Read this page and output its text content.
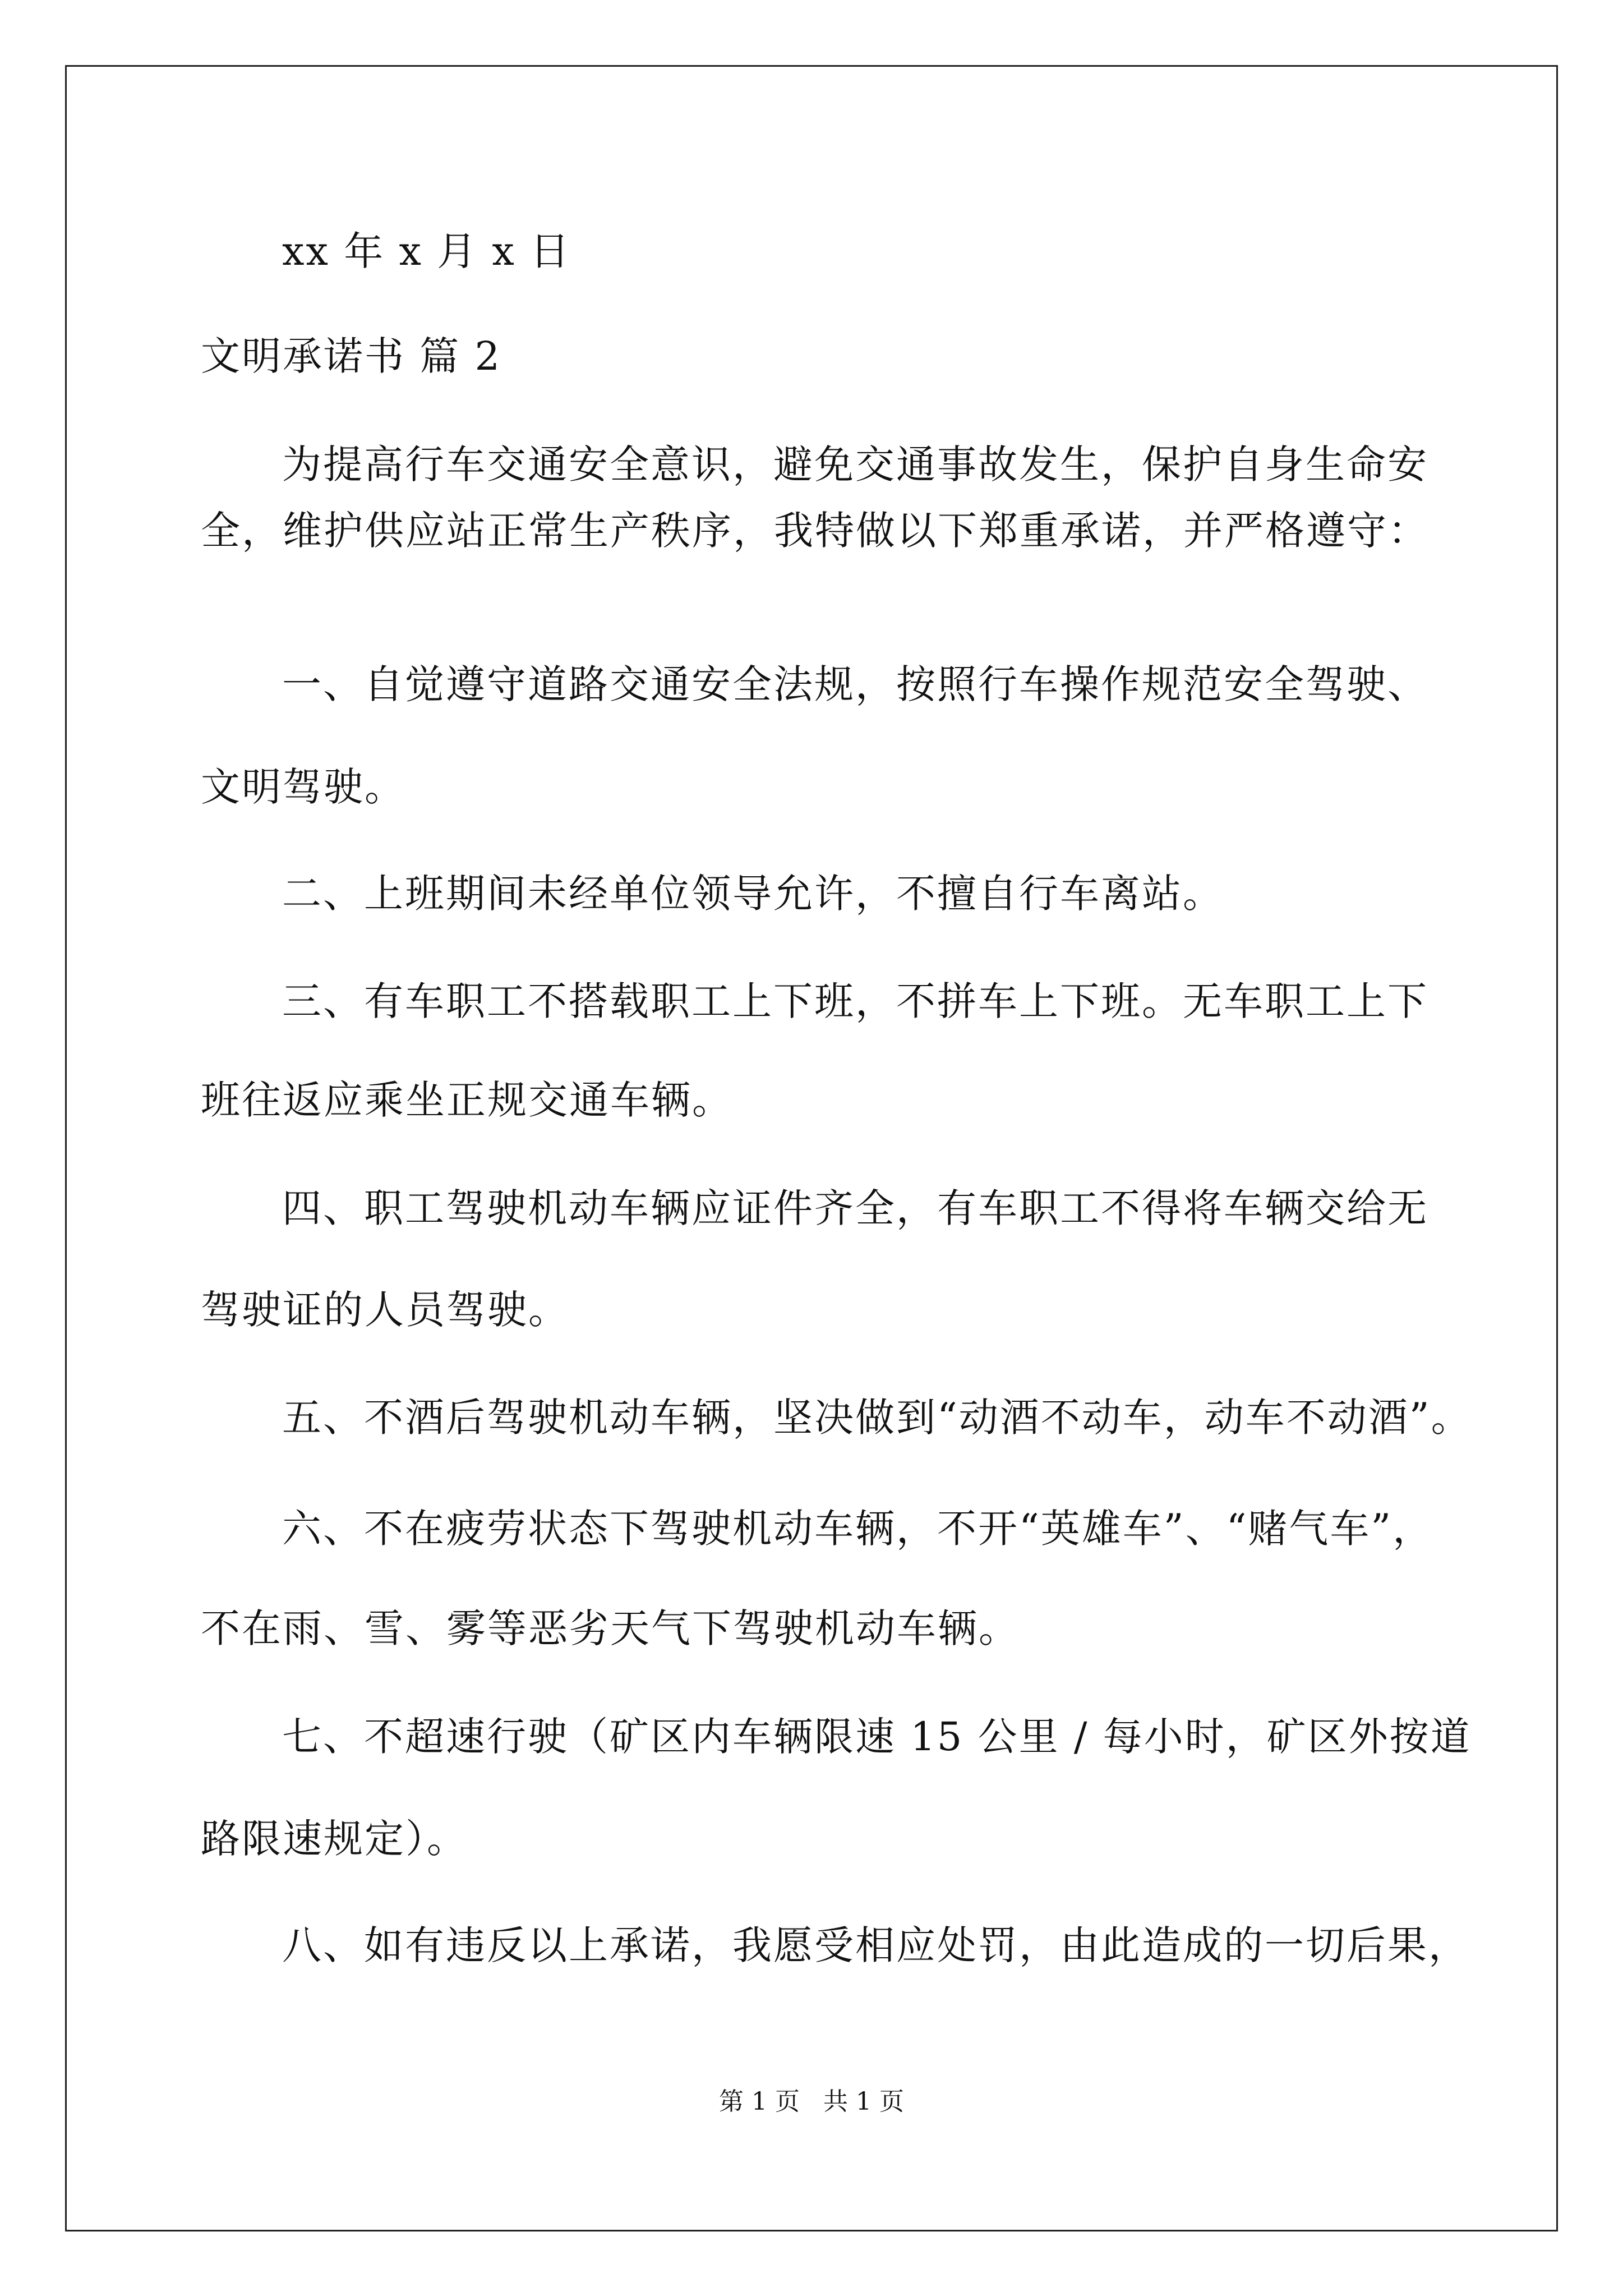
xx 年 x 月 x 日
文明承诺书 篇 2
为提高行车交通安全意识，避免交通事故发生，保护自身生命安
全，维护供应站正常生产秩序，我特做以下郑重承诺，并严格遵守：
一、自觉遵守道路交通安全法规，按照行车操作规范安全驾驶、
文明驾驶。
二、上班期间未经单位领导允许，不擅自行车离站。
三、有车职工不搭载职工上下班，不拼车上下班。无车职工上下
班往返应乘坐正规交通车辆。
四、职工驾驶机动车辆应证件齐全，有车职工不得将车辆交给无
驾驶证的人员驾驶。
五、不酒后驾驶机动车辆，坚决做到“动酒不动车，动车不动酒”。
六、不在疲劳状态下驾驶机动车辆，不开“英雄车”、“赌气车”，
不在雨、雪、雾等恶劣天气下驾驶机动车辆。
七、不超速行驶（矿区内车辆限速 15 公里 / 每小时，矿区外按道
路限速规定）。
八、如有违反以上承诺，我愿受相应处罚，由此造成的一切后果，
第 1 页   共 1 页
